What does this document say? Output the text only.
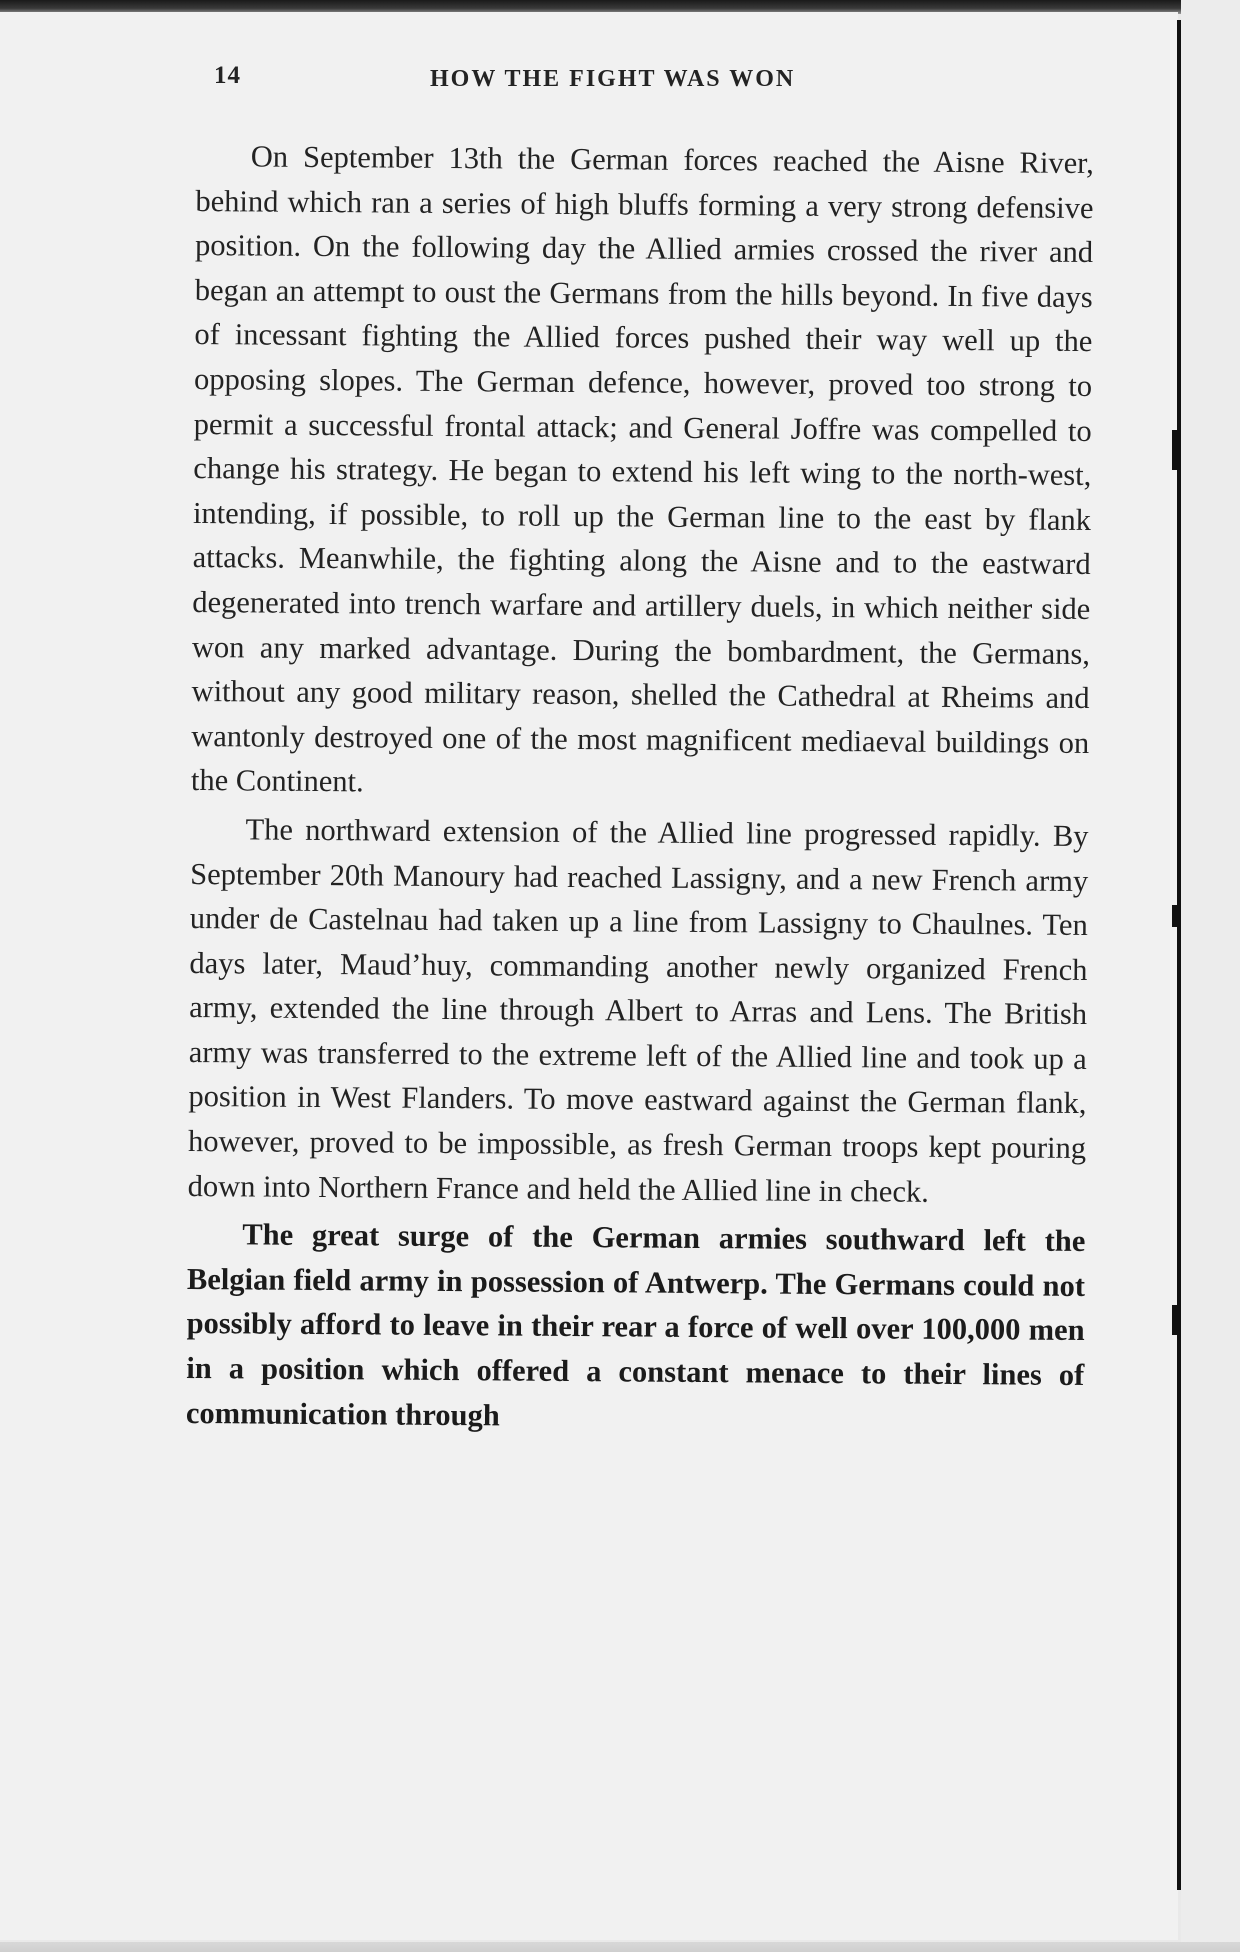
14	HOW THE FIGHT WAS WON

On September 13th the German forces reached the Aisne River, behind which ran a series of high bluffs forming a very strong defensive position. On the following day the Allied armies crossed the river and began an attempt to oust the Germans from the hills beyond. In five days of incessant fighting the Allied forces pushed their way well up the opposing slopes. The German defence, however, proved too strong to permit a successful frontal attack; and General Joffre was compelled to change his strategy. He began to extend his left wing to the north-west, intending, if possible, to roll up the German line to the east by flank attacks. Meanwhile, the fighting along the Aisne and to the eastward degenerated into trench warfare and artillery duels, in which neither side won any marked advantage. During the bombardment, the Germans, without any good military reason, shelled the Cathedral at Rheims and wantonly destroyed one of the most magnificent mediaeval buildings on the Continent.

The northward extension of the Allied line progressed rapidly. By September 20th Manoury had reached Lassigny, and a new French army under de Castelnau had taken up a line from Lassigny to Chaulnes. Ten days later, Maud’huy, commanding another newly organized French army, extended the line through Albert to Arras and Lens. The British army was transferred to the extreme left of the Allied line and took up a position in West Flanders. To move eastward against the German flank, however, proved to be impossible, as fresh German troops kept pouring down into Northern France and held the Allied line in check.

The great surge of the German armies southward left the Belgian field army in possession of Antwerp. The Germans could not possibly afford to leave in their rear a force of well over 100,000 men in a position which offered a constant menace to their lines of communication through
